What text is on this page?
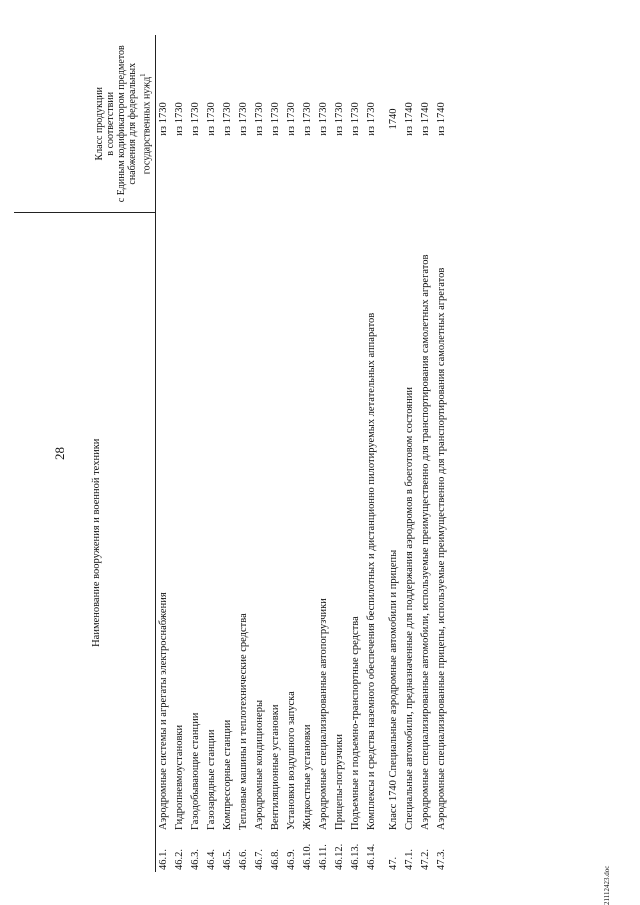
28 Наименование вооружения и военной техники		Класс продукции в соответствии с Единым кодификатором предметов снабжения для федеральных государственных нужд$^1$

46.1.	Аэродромные системы и агрегаты электроснабжения	из 1730
46.2.	Гидропневмоустановки	из 1730
46.3.	Газодобывающие станции	из 1730
46.4.	Газозарядные станции	из 1730
46.5.	Компрессорные станции	из 1730
46.6.	Тепловые машины и теплотехнические средства	из 1730
46.7.	Аэродромные кондиционеры	из 1730
46.8.	Вентиляционные установки	из 1730
46.9.	Установки воздушного запуска	из 1730
46.10.	Жидкостные установки	из 1730
46.11.	Аэродромные специализированные автопогрузчики	из 1730
46.12.	Прицепы-погрузчики	из 1730
46.13.	Подъемные и подъемно-транспортные средства	из 1730
46.14.	Комплексы и средства наземного обеспечения беспилотных и дистанционно пилотируемых летательных аппаратов	из 1730

47.	Класс 1740 Специальные аэродромные автомобили и прицепы	1740
47.1.	Специальные автомобили, предназначенные для поддержания аэродромов в боеготовом состоянии	из 1740
47.2.	Аэродромные специализированные автомобили, используемые преимущественно для транспортирования самолетных агрегатов	из 1740
47.3.	Аэродромные специализированные прицепы, используемые преимущественно для транспортирования самолетных агрегатов	из 1740
21112423.doc
